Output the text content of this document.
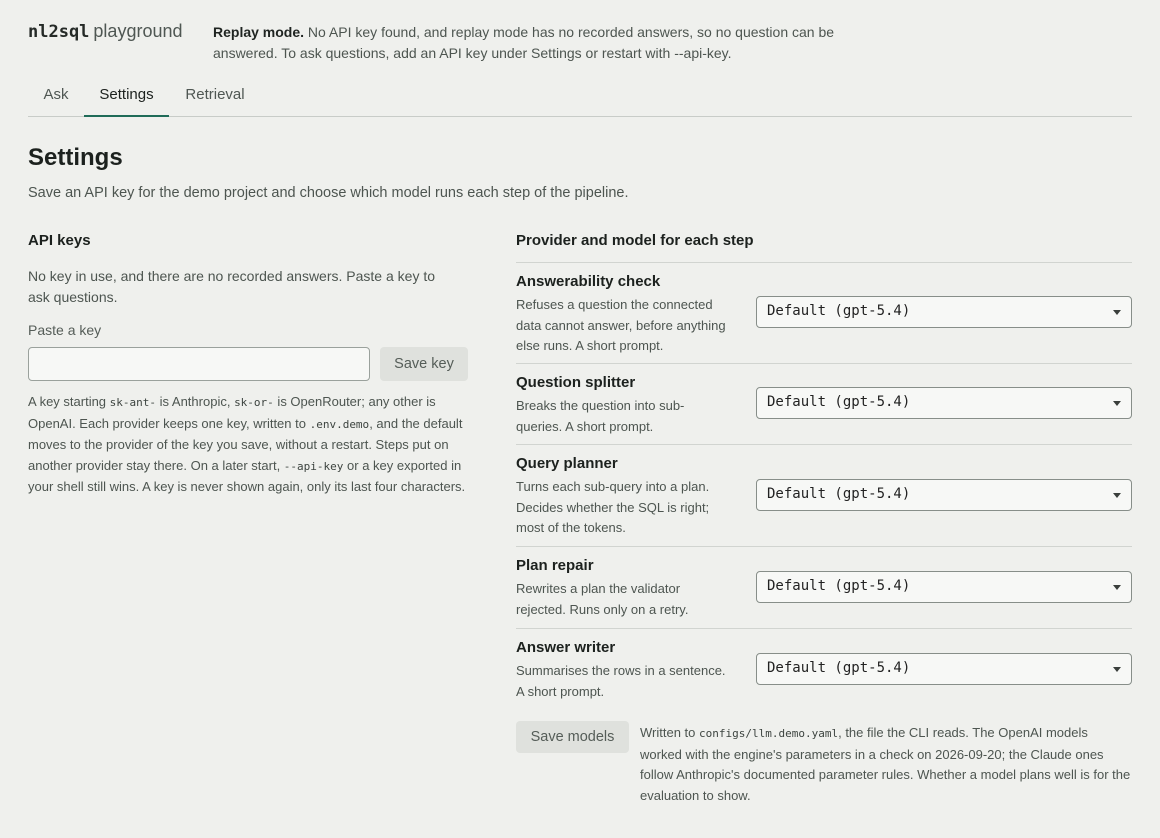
nl2sql playground Replay mode. No API key found, and replay mode has no recorded answers, so no question can be answered. To ask questions, add an API key under Settings or restart with --api-key.
Ask	Settings	Retrieval
Settings
Save an API key for the demo project and choose which model runs each step of the pipeline.
API keys
No key in use, and there are no recorded answers. Paste a key to ask questions.
Paste a key
Save key
A key starting sk-ant- is Anthropic, sk-or- is OpenRouter; any other is OpenAI. Each provider keeps one key, written to .env.demo, and the default moves to the provider of the key you save, without a restart. Steps put on another provider stay there. On a later start, --api-key or a key exported in your shell still wins. A key is never shown again, only its last four characters.
Provider and model for each step
Answerability check
Refuses a question the connected data cannot answer, before anything else runs. A short prompt.
Default (gpt-5.4)
Question splitter
Breaks the question into sub-queries. A short prompt.
Default (gpt-5.4)
Query planner
Turns each sub-query into a plan. Decides whether the SQL is right; most of the tokens.
Default (gpt-5.4)
Plan repair
Rewrites a plan the validator rejected. Runs only on a retry.
Default (gpt-5.4)
Answer writer
Summarises the rows in a sentence. A short prompt.
Default (gpt-5.4)
Save models	Written to configs/llm.demo.yaml, the file the CLI reads. The OpenAI models worked with the engine's parameters in a check on 2026-09-20; the Claude ones follow Anthropic's documented parameter rules. Whether a model plans well is for the evaluation to show.
